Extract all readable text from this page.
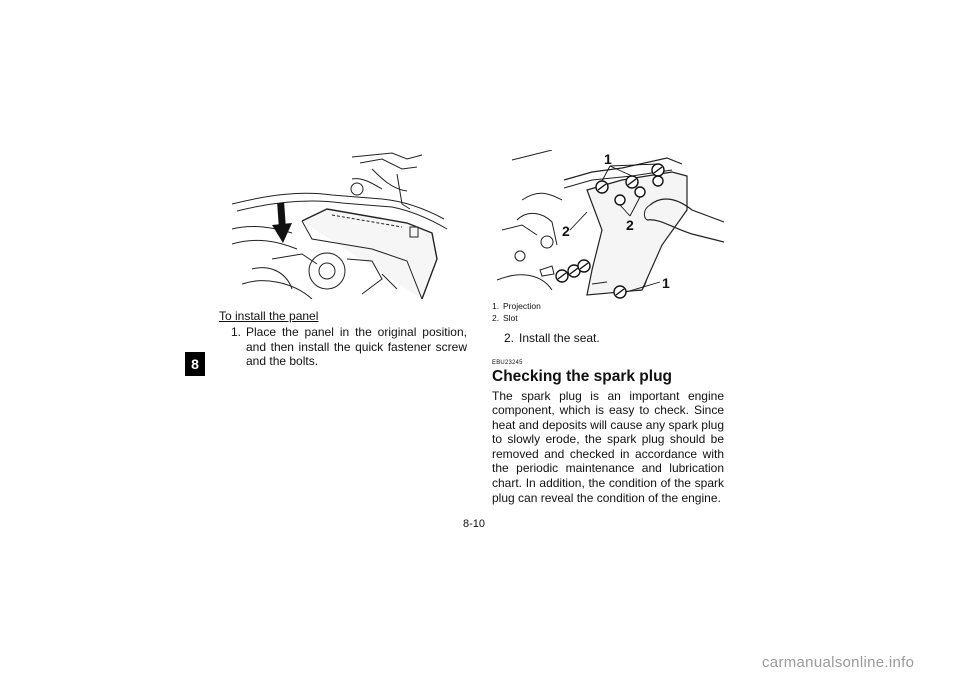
8
1
2	2
1
To install the panel
1. Place the panel in the original position, and then install the quick fastener screw and the bolts.
1. Projection
2. Slot
2. Install the seat.
EBU23245
Checking the spark plug
The spark plug is an important engine component, which is easy to check. Since heat and deposits will cause any spark plug to slowly erode, the spark plug should be removed and checked in accordance with the periodic maintenance and lubrication chart. In addition, the condition of the spark plug can reveal the condition of the engine.
8-10
carmanualsonline.info
